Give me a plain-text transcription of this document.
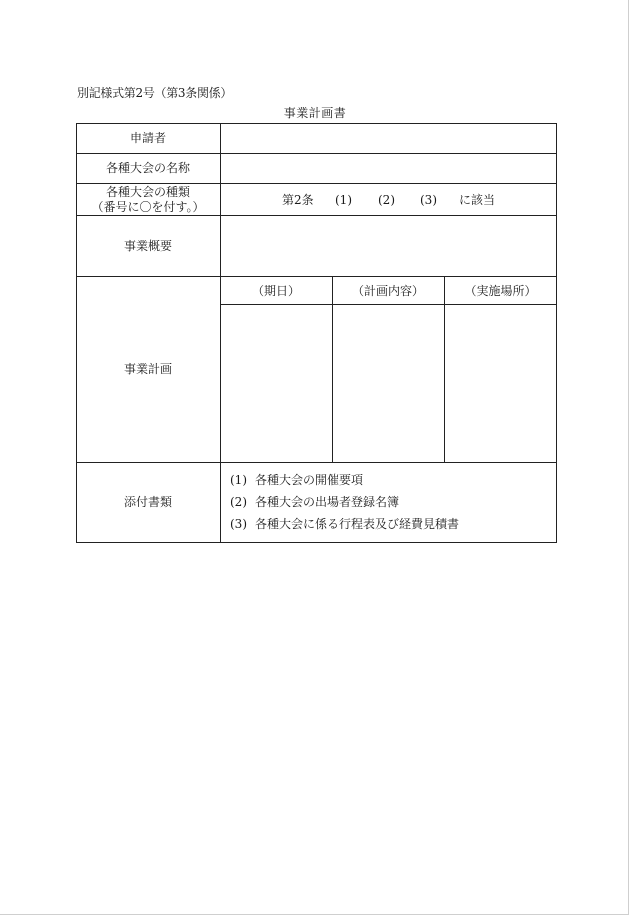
別記様式第2号（第3条関係）
事業計画書
申請者
各種大会の名称
各種大会の種類
（番号に〇を付す。）
事業概要
事業計画
添付書類
第2条 (1) (2) (3) に該当
（期日）	（計画内容）	（実施場所）
(1) 各種大会の開催要項
(2) 各種大会の出場者登録名簿
(3) 各種大会に係る行程表及び経費見積書
